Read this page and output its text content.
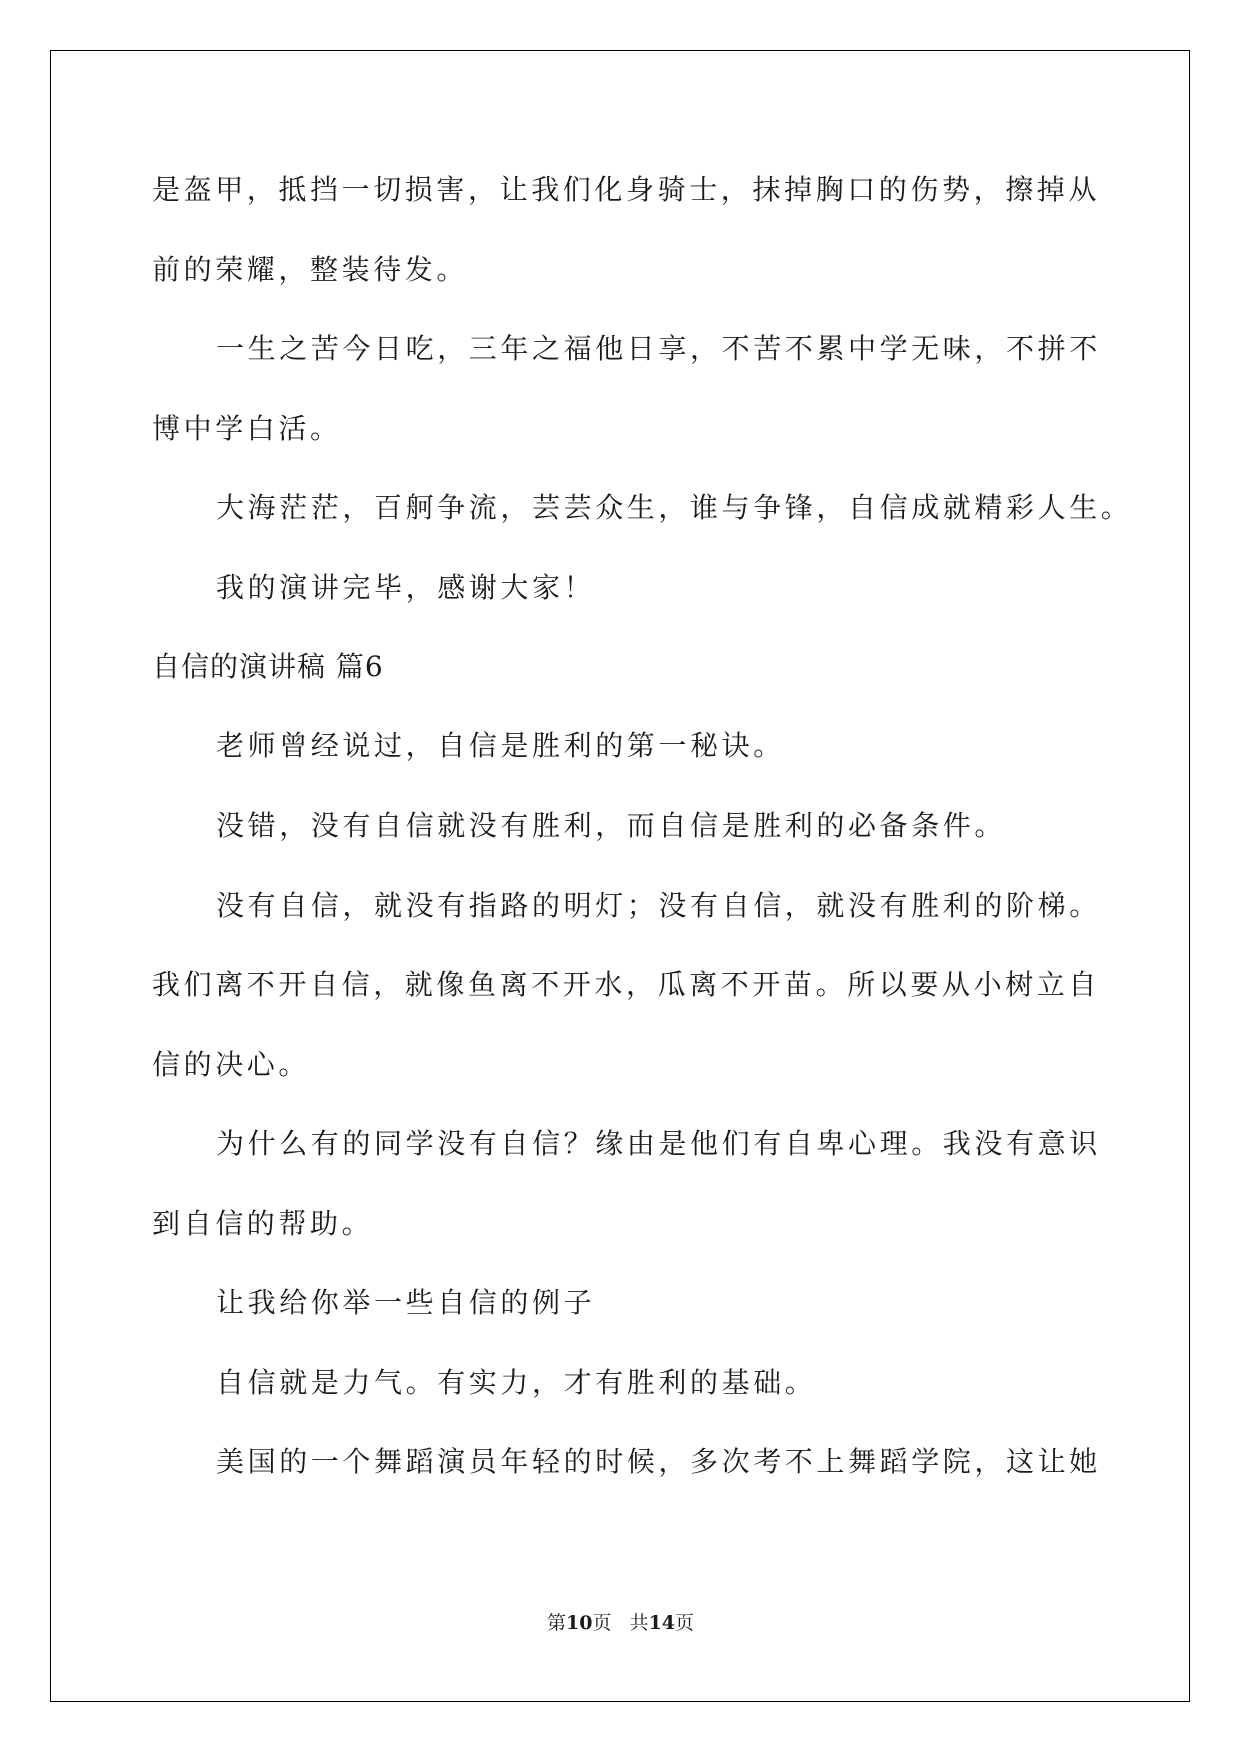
是盔甲，抵挡一切损害，让我们化身骑士，抹掉胸口的伤势，擦掉从

前的荣耀，整装待发。

一生之苦今日吃，三年之福他日享，不苦不累中学无味，不拼不

博中学白活。

大海茫茫，百舸争流，芸芸众生，谁与争锋，自信成就精彩人生。

我的演讲完毕，感谢大家！

自信的演讲稿 篇6

老师曾经说过，自信是胜利的第一秘诀。

没错，没有自信就没有胜利，而自信是胜利的必备条件。

没有自信，就没有指路的明灯；没有自信，就没有胜利的阶梯。

我们离不开自信，就像鱼离不开水，瓜离不开苗。所以要从小树立自

信的决心。

为什么有的同学没有自信？缘由是他们有自卑心理。我没有意识

到自信的帮助。

让我给你举一些自信的例子

自信就是力气。有实力，才有胜利的基础。

美国的一个舞蹈演员年轻的时候，多次考不上舞蹈学院，这让她

第10页   共14页
